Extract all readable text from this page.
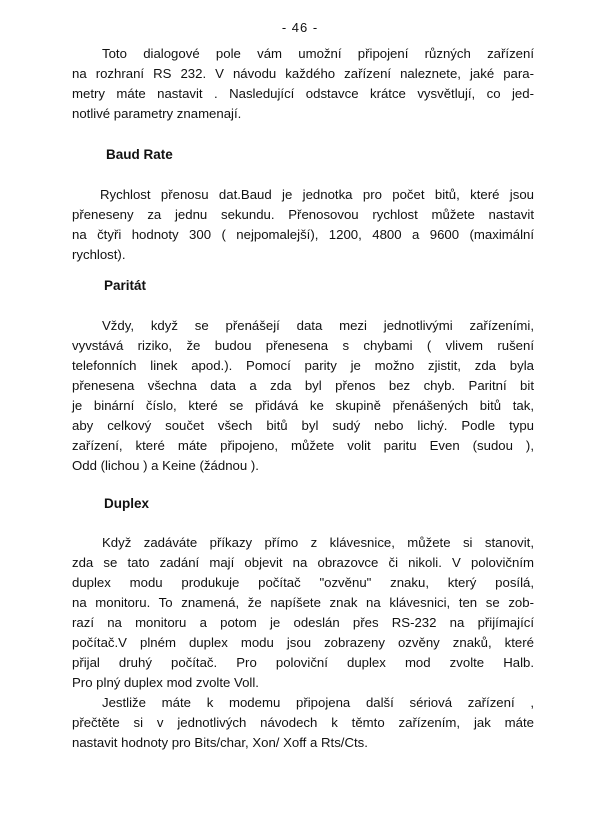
- 46 -
Toto dialogové pole vám umožní připojení různých zařízení
na rozhraní RS 232. V návodu každého zařízení naleznete, jaké para-
metry máte nastavit . Nasledující odstavce krátce vysvětlují, co jed-
notlivé parametry znamenají.
Baud Rate
Rychlost přenosu dat.Baud je jednotka pro počet bitů, které jsou
přeneseny za jednu sekundu. Přenosovou rychlost můžete nastavit
na čtyři hodnoty 300 ( nejpomalejší), 1200, 4800 a 9600 (maximální
rychlost).
Paritát
Vždy, když se přenášejí data mezi jednotlivými zařízeními,
vyvstává riziko, že budou přenesena s chybami ( vlivem rušení
telefonních linek apod.). Pomocí parity je možno zjistit, zda byla
přenesena všechna data a zda byl přenos bez chyb. Paritní bit
je binární číslo, které se přidává ke skupině přenášených bitů tak,
aby celkový součet všech bitů byl sudý nebo lichý. Podle typu
zařízení, které máte připojeno, můžete volit paritu Even (sudou ),
Odd (lichou ) a Keine (žádnou ).
Duplex
Když zadáváte příkazy přímo z klávesnice, můžete si stanovit,
zda se tato zadání mají objevit na obrazovce či nikoli. V polovičním
duplex modu produkuje počítač "ozvěnu" znaku, který posílá,
na monitoru. To znamená, že napíšete znak na klávesnici, ten se zob-
razí na monitoru a potom je odeslán přes RS-232 na přijímající
počítač.V plném duplex modu jsou zobrazeny ozvěny znaků, které
přijal druhý počítač. Pro poloviční duplex mod zvolte Halb.
Pro plný duplex mod zvolte Voll.
Jestliže máte k modemu připojena další sériová zařízení ,
přečtěte si v jednotlivých návodech k těmto zařízením, jak máte
nastavit hodnoty pro Bits/char, Xon/ Xoff a Rts/Cts.
